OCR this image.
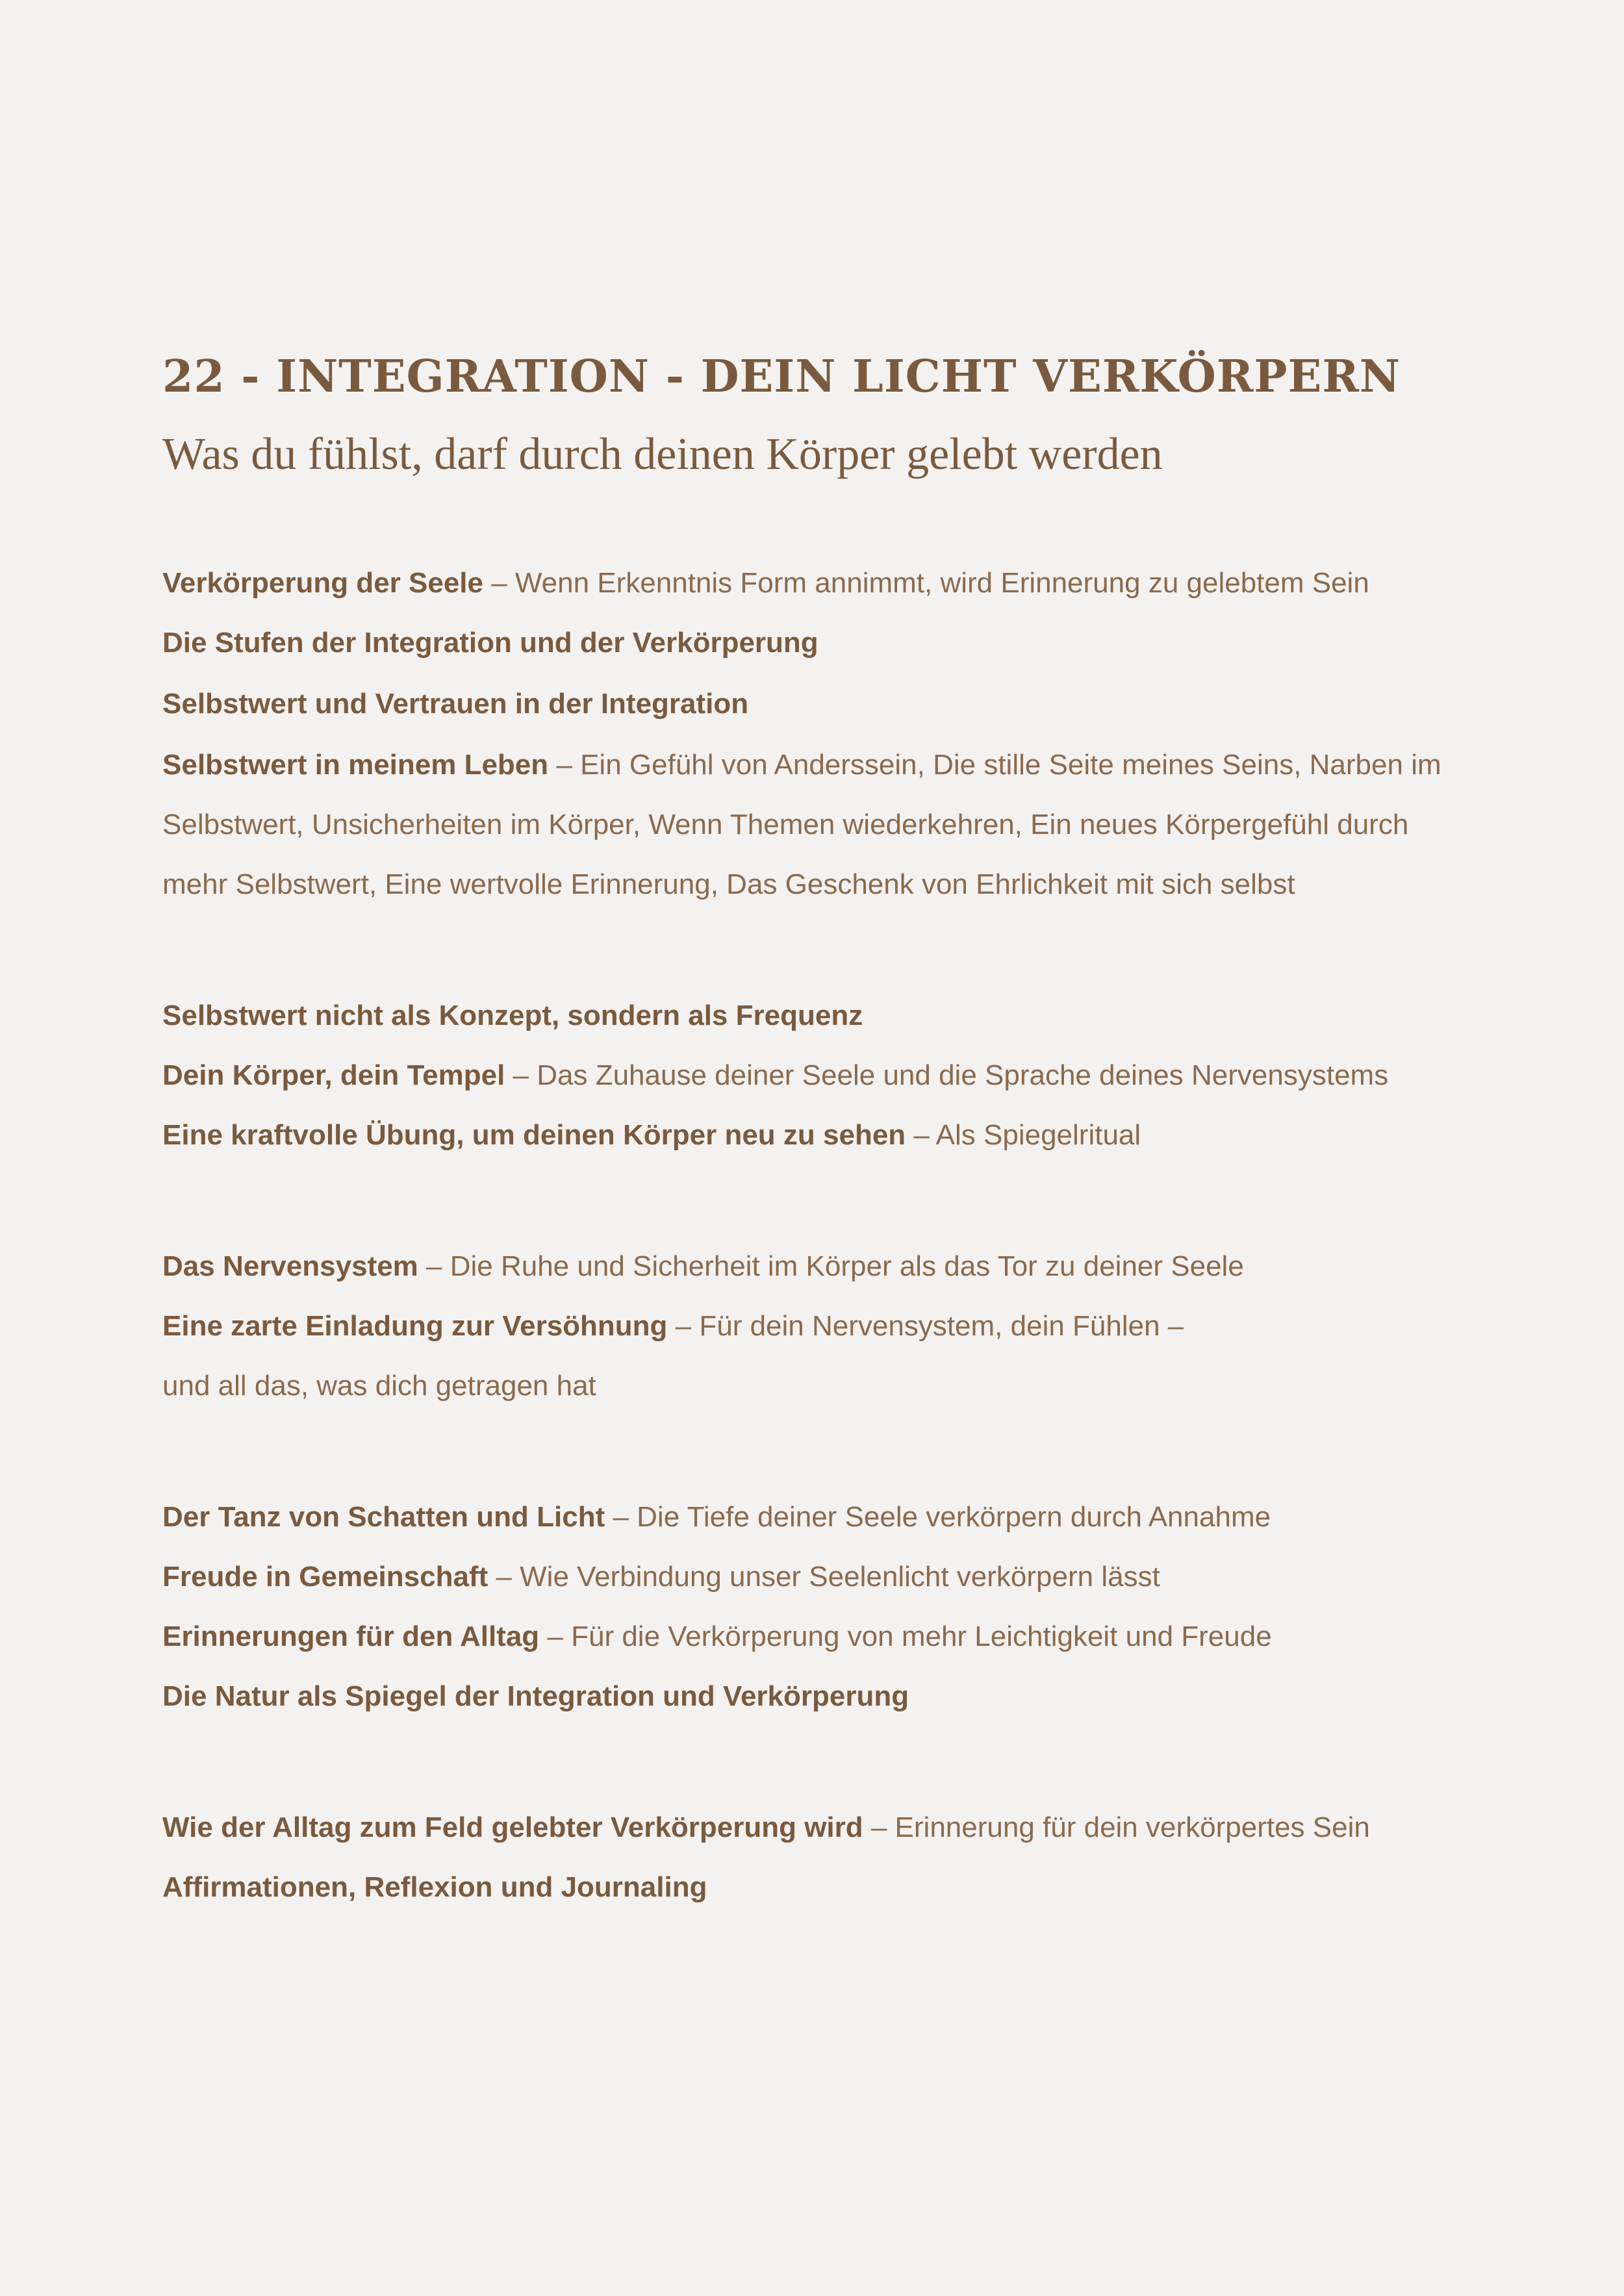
22 - INTEGRATION - DEIN LICHT VERKÖRPERN
Was du fühlst, darf durch deinen Körper gelebt werden

Verkörperung der Seele – Wenn Erkenntnis Form annimmt, wird Erinnerung zu gelebtem Sein

Die Stufen der Integration und der Verkörperung

Selbstwert und Vertrauen in der Integration

Selbstwert in meinem Leben – Ein Gefühl von Anderssein, Die stille Seite meines Seins, Narben im Selbstwert, Unsicherheiten im Körper, Wenn Themen wiederkehren, Ein neues Körpergefühl durch mehr Selbstwert, Eine wertvolle Erinnerung, Das Geschenk von Ehrlichkeit mit sich selbst

Selbstwert nicht als Konzept, sondern als Frequenz

Dein Körper, dein Tempel – Das Zuhause deiner Seele und die Sprache deines Nervensystems

Eine kraftvolle Übung, um deinen Körper neu zu sehen – Als Spiegelritual

Das Nervensystem – Die Ruhe und Sicherheit im Körper als das Tor zu deiner Seele

Eine zarte Einladung zur Versöhnung – Für dein Nervensystem, dein Fühlen –

und all das, was dich getragen hat

Der Tanz von Schatten und Licht – Die Tiefe deiner Seele verkörpern durch Annahme

Freude in Gemeinschaft – Wie Verbindung unser Seelenlicht verkörpern lässt

Erinnerungen für den Alltag – Für die Verkörperung von mehr Leichtigkeit und Freude

Die Natur als Spiegel der Integration und Verkörperung

Wie der Alltag zum Feld gelebter Verkörperung wird – Erinnerung für dein verkörpertes Sein

Affirmationen, Reflexion und Journaling
